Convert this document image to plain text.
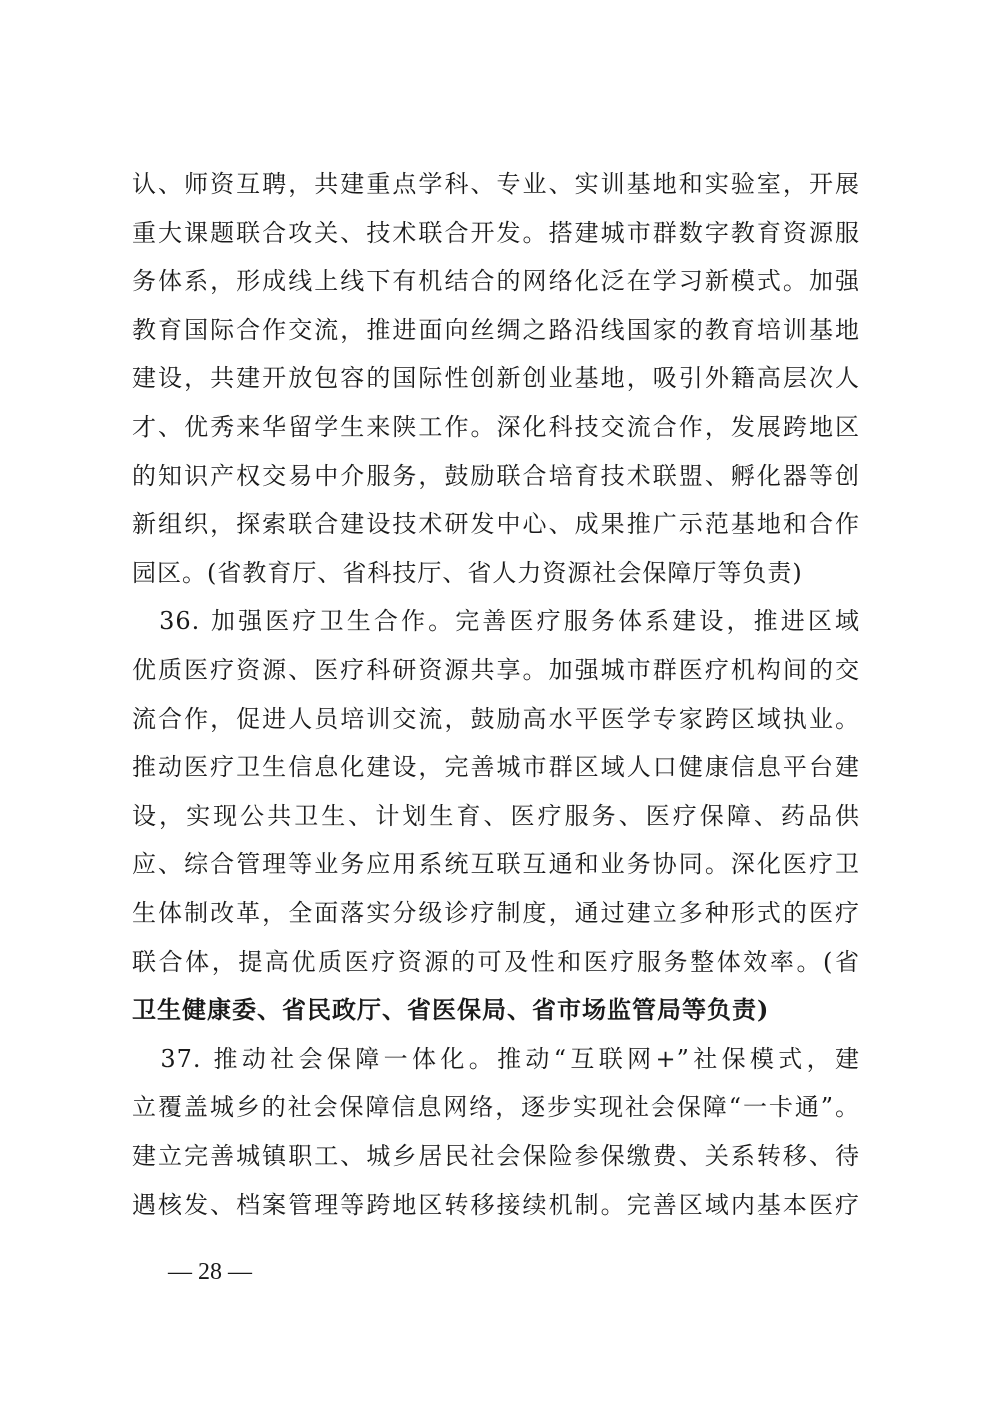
认、师资互聘，共建重点学科、专业、实训基地和实验室，开展
重大课题联合攻关、技术联合开发。搭建城市群数字教育资源服
务体系，形成线上线下有机结合的网络化泛在学习新模式。加强
教育国际合作交流，推进面向丝绸之路沿线国家的教育培训基地
建设，共建开放包容的国际性创新创业基地，吸引外籍高层次人
才、优秀来华留学生来陕工作。深化科技交流合作，发展跨地区
的知识产权交易中介服务，鼓励联合培育技术联盟、孵化器等创
新组织，探索联合建设技术研发中心、成果推广示范基地和合作
园区。(省教育厅、省科技厅、省人力资源社会保障厅等负责)
　36. 加强医疗卫生合作。完善医疗服务体系建设，推进区域
优质医疗资源、医疗科研资源共享。加强城市群医疗机构间的交
流合作，促进人员培训交流，鼓励高水平医学专家跨区域执业。
推动医疗卫生信息化建设，完善城市群区域人口健康信息平台建
设，实现公共卫生、计划生育、医疗服务、医疗保障、药品供
应、综合管理等业务应用系统互联互通和业务协同。深化医疗卫
生体制改革，全面落实分级诊疗制度，通过建立多种形式的医疗
联合体，提高优质医疗资源的可及性和医疗服务整体效率。(省
卫生健康委、省民政厅、省医保局、省市场监管局等负责)
　37. 推动社会保障一体化。推动“互联网+”社保模式，建
立覆盖城乡的社会保障信息网络，逐步实现社会保障“一卡通”。
建立完善城镇职工、城乡居民社会保险参保缴费、关系转移、待
遇核发、档案管理等跨地区转移接续机制。完善区域内基本医疗
— 28 —
